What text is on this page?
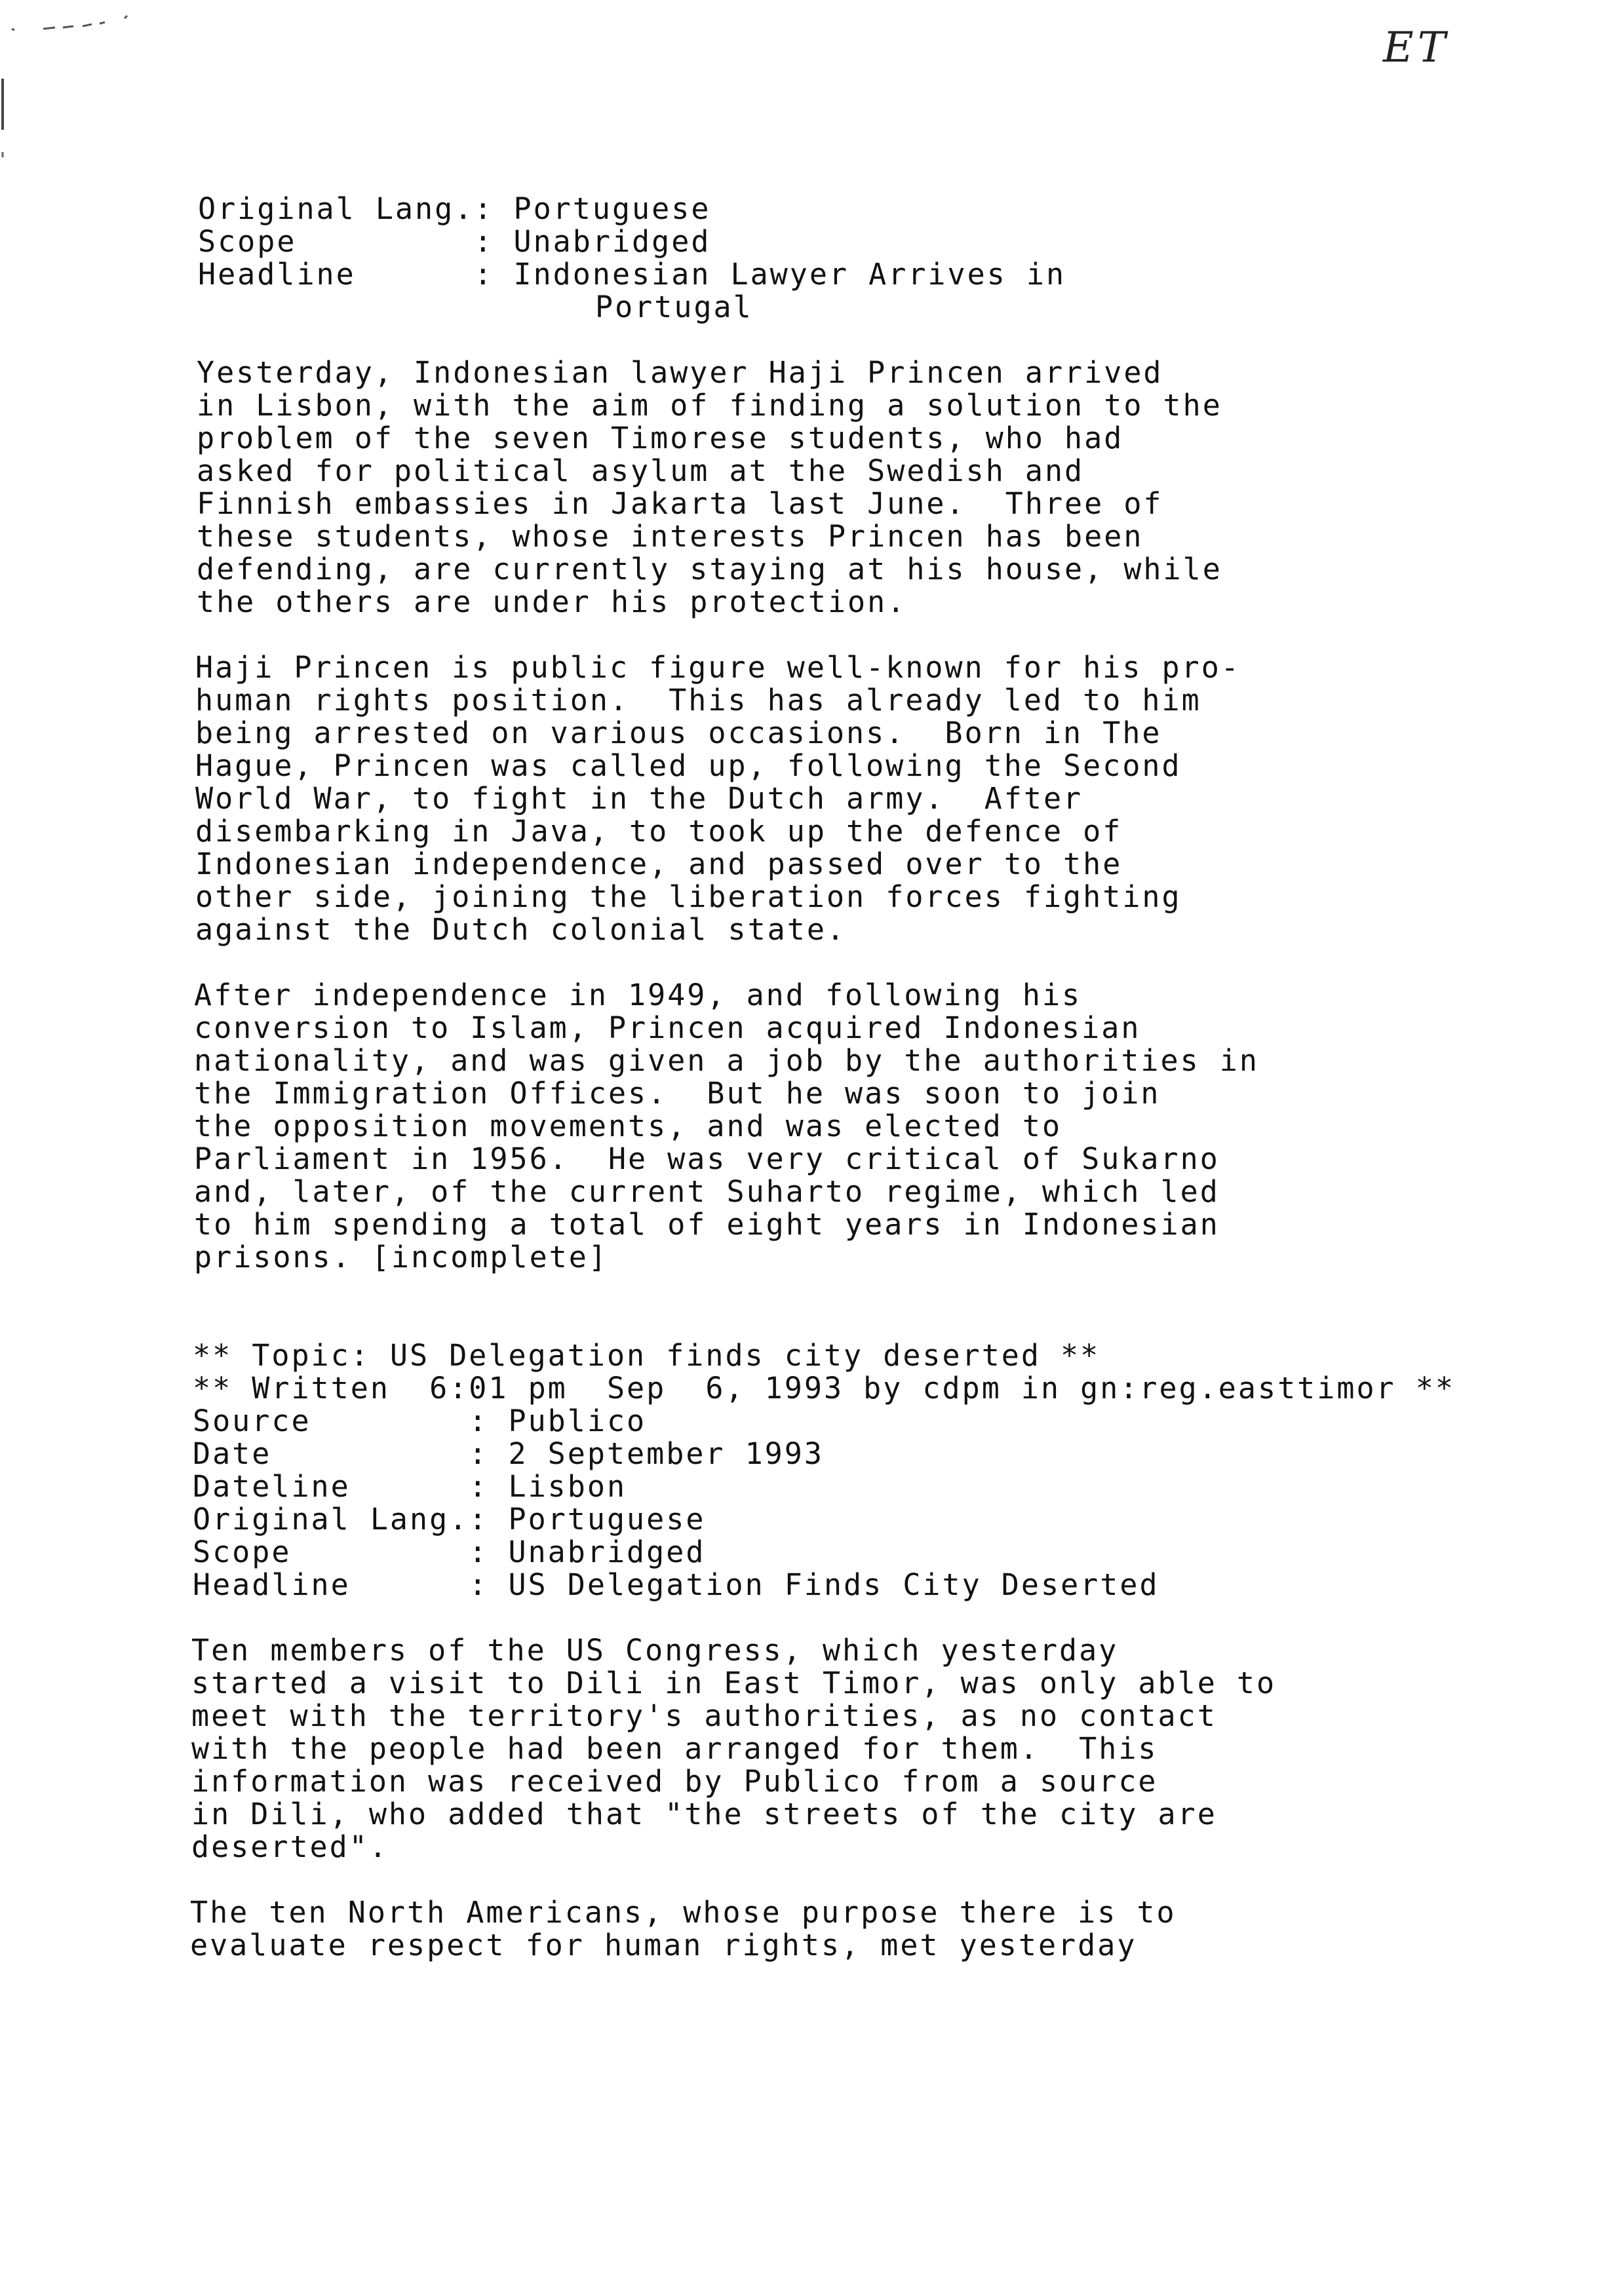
ET
Original Lang.: Portuguese
Scope         : Unabridged
Headline      : Indonesian Lawyer Arrives in
Portugal
Yesterday, Indonesian lawyer Haji Princen arrived
in Lisbon, with the aim of finding a solution to the
problem of the seven Timorese students, who had
asked for political asylum at the Swedish and
Finnish embassies in Jakarta last June.  Three of
these students, whose interests Princen has been
defending, are currently staying at his house, while
the others are under his protection.
Haji Princen is public figure well-known for his pro-
human rights position.  This has already led to him
being arrested on various occasions.  Born in The
Hague, Princen was called up, following the Second
World War, to fight in the Dutch army.  After
disembarking in Java, to took up the defence of
Indonesian independence, and passed over to the
other side, joining the liberation forces fighting
against the Dutch colonial state.
After independence in 1949, and following his
conversion to Islam, Princen acquired Indonesian
nationality, and was given a job by the authorities in
the Immigration Offices.  But he was soon to join
the opposition movements, and was elected to
Parliament in 1956.  He was very critical of Sukarno
and, later, of the current Suharto regime, which led
to him spending a total of eight years in Indonesian
prisons. [incomplete]
** Topic: US Delegation finds city deserted **
** Written  6:01 pm  Sep  6, 1993 by cdpm in gn:reg.easttimor **
Source        : Publico
Date          : 2 September 1993
Dateline      : Lisbon
Original Lang.: Portuguese
Scope         : Unabridged
Headline      : US Delegation Finds City Deserted
Ten members of the US Congress, which yesterday
started a visit to Dili in East Timor, was only able to
meet with the territory's authorities, as no contact
with the people had been arranged for them.  This
information was received by Publico from a source
in Dili, who added that "the streets of the city are
deserted".
The ten North Americans, whose purpose there is to
evaluate respect for human rights, met yesterday
